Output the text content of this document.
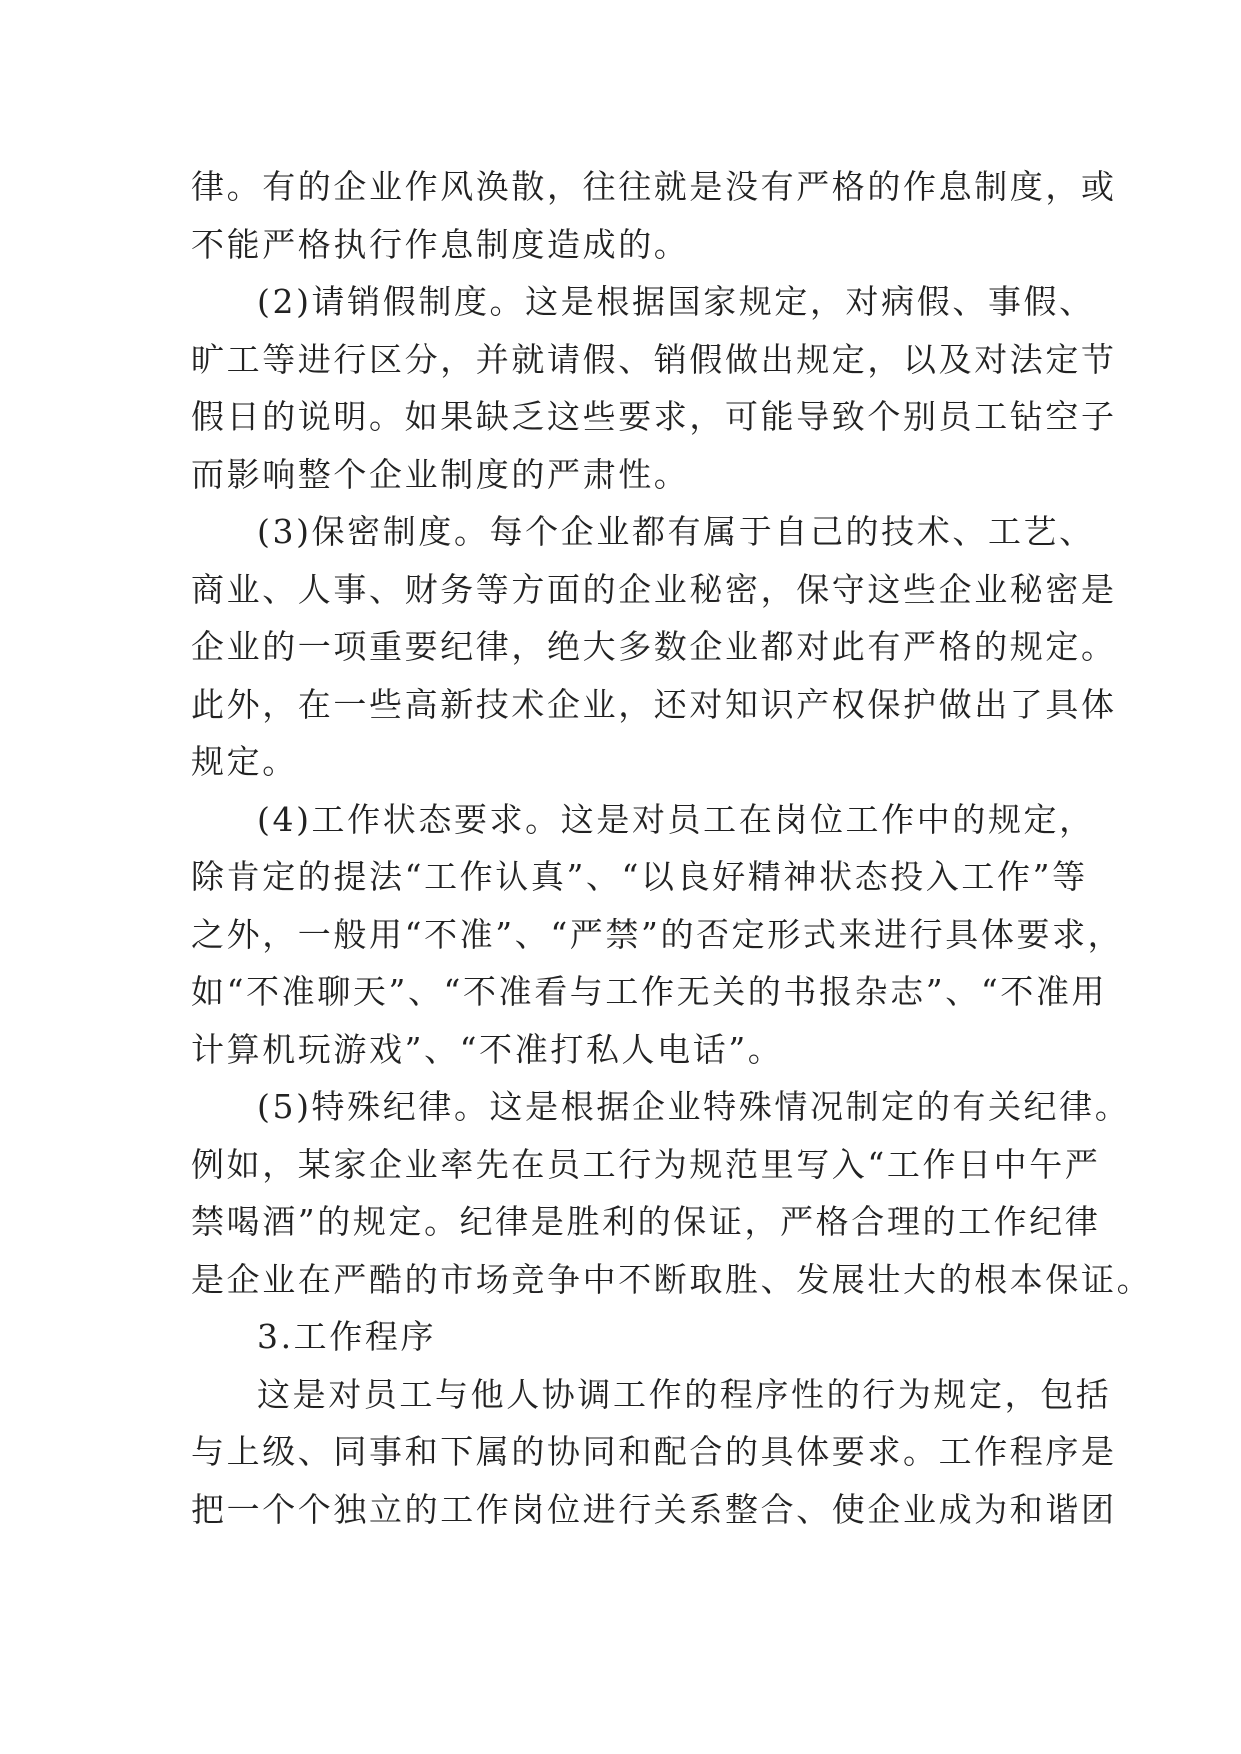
律。有的企业作风涣散，往往就是没有严格的作息制度，或
不能严格执行作息制度造成的。
(2)请销假制度。这是根据国家规定，对病假、事假、
旷工等进行区分，并就请假、销假做出规定，以及对法定节
假日的说明。如果缺乏这些要求，可能导致个别员工钻空子
而影响整个企业制度的严肃性。
(3)保密制度。每个企业都有属于自己的技术、工艺、
商业、人事、财务等方面的企业秘密，保守这些企业秘密是
企业的一项重要纪律，绝大多数企业都对此有严格的规定。
此外，在一些高新技术企业，还对知识产权保护做出了具体
规定。
(4)工作状态要求。这是对员工在岗位工作中的规定，
除肯定的提法“工作认真”、“以良好精神状态投入工作”等
之外，一般用“不准”、“严禁”的否定形式来进行具体要求，
如“不准聊天”、“不准看与工作无关的书报杂志”、“不准用
计算机玩游戏”、“不准打私人电话”。
(5)特殊纪律。这是根据企业特殊情况制定的有关纪律。
例如，某家企业率先在员工行为规范里写入“工作日中午严
禁喝酒”的规定。纪律是胜利的保证，严格合理的工作纪律
是企业在严酷的市场竞争中不断取胜、发展壮大的根本保证。
3.工作程序
这是对员工与他人协调工作的程序性的行为规定，包括
与上级、同事和下属的协同和配合的具体要求。工作程序是
把一个个独立的工作岗位进行关系整合、使企业成为和谐团
